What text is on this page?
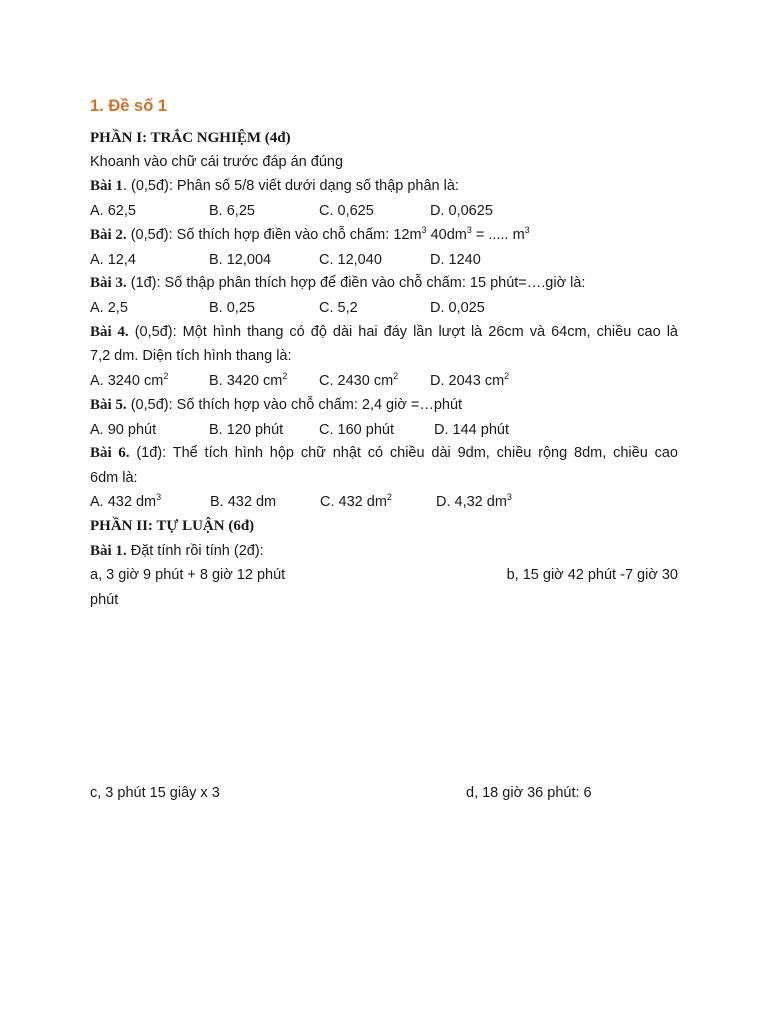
1. Đề số 1
PHẦN I: TRẮC NGHIỆM (4đ)
Khoanh vào chữ cái trước đáp án đúng
Bài 1. (0,5đ): Phân số 5/8 viết dưới dạng số thập phân là:
A. 62,5	B. 6,25	C. 0,625	D. 0,0625
Bài 2. (0,5đ): Số thích hợp điền vào chỗ chấm: $12m^3$ $40dm^3$ = ..... $m^3$
A. 12,4	B. 12,004	C. 12,040	D. 1240
Bài 3. (1đ): Số thập phân thích hợp để điền vào chỗ chấm: 15 phút=….giờ là:
A. 2,5	B. 0,25	C. 5,2	D. 0,025
Bài 4. (0,5đ): Một hình thang có độ dài hai đáy lần lượt là 26cm và 64cm, chiều cao là
7,2 dm. Diện tích hình thang là:
A. 3240 $cm^2$	B. 3420 $cm^2$ C. 2430 $cm^2$ D. 2043 $cm^2$
Bài 5. (0,5đ): Số thích hợp vào chỗ chấm: 2,4 giờ =…phút
A. 90 phút	B. 120 phút C. 160 phút	D. 144 phút
Bài 6. (1đ): Thể tích hình hộp chữ nhật có chiều dài 9dm, chiều rộng 8dm, chiều cao
6dm là:
A. 432 $dm^3$	B. 432 dm	C. 432 $dm^2$	D. 4,32 $dm^3$
PHẦN II: TỰ LUẬN (6đ)
Bài 1. Đặt tính rồi tính (2đ):
a, 3 giờ 9 phút + 8 giờ 12 phút	b, 15 giờ 42 phút -7 giờ 30
phút
c, 3 phút 15 giây x 3	d, 18 giờ 36 phút: 6
